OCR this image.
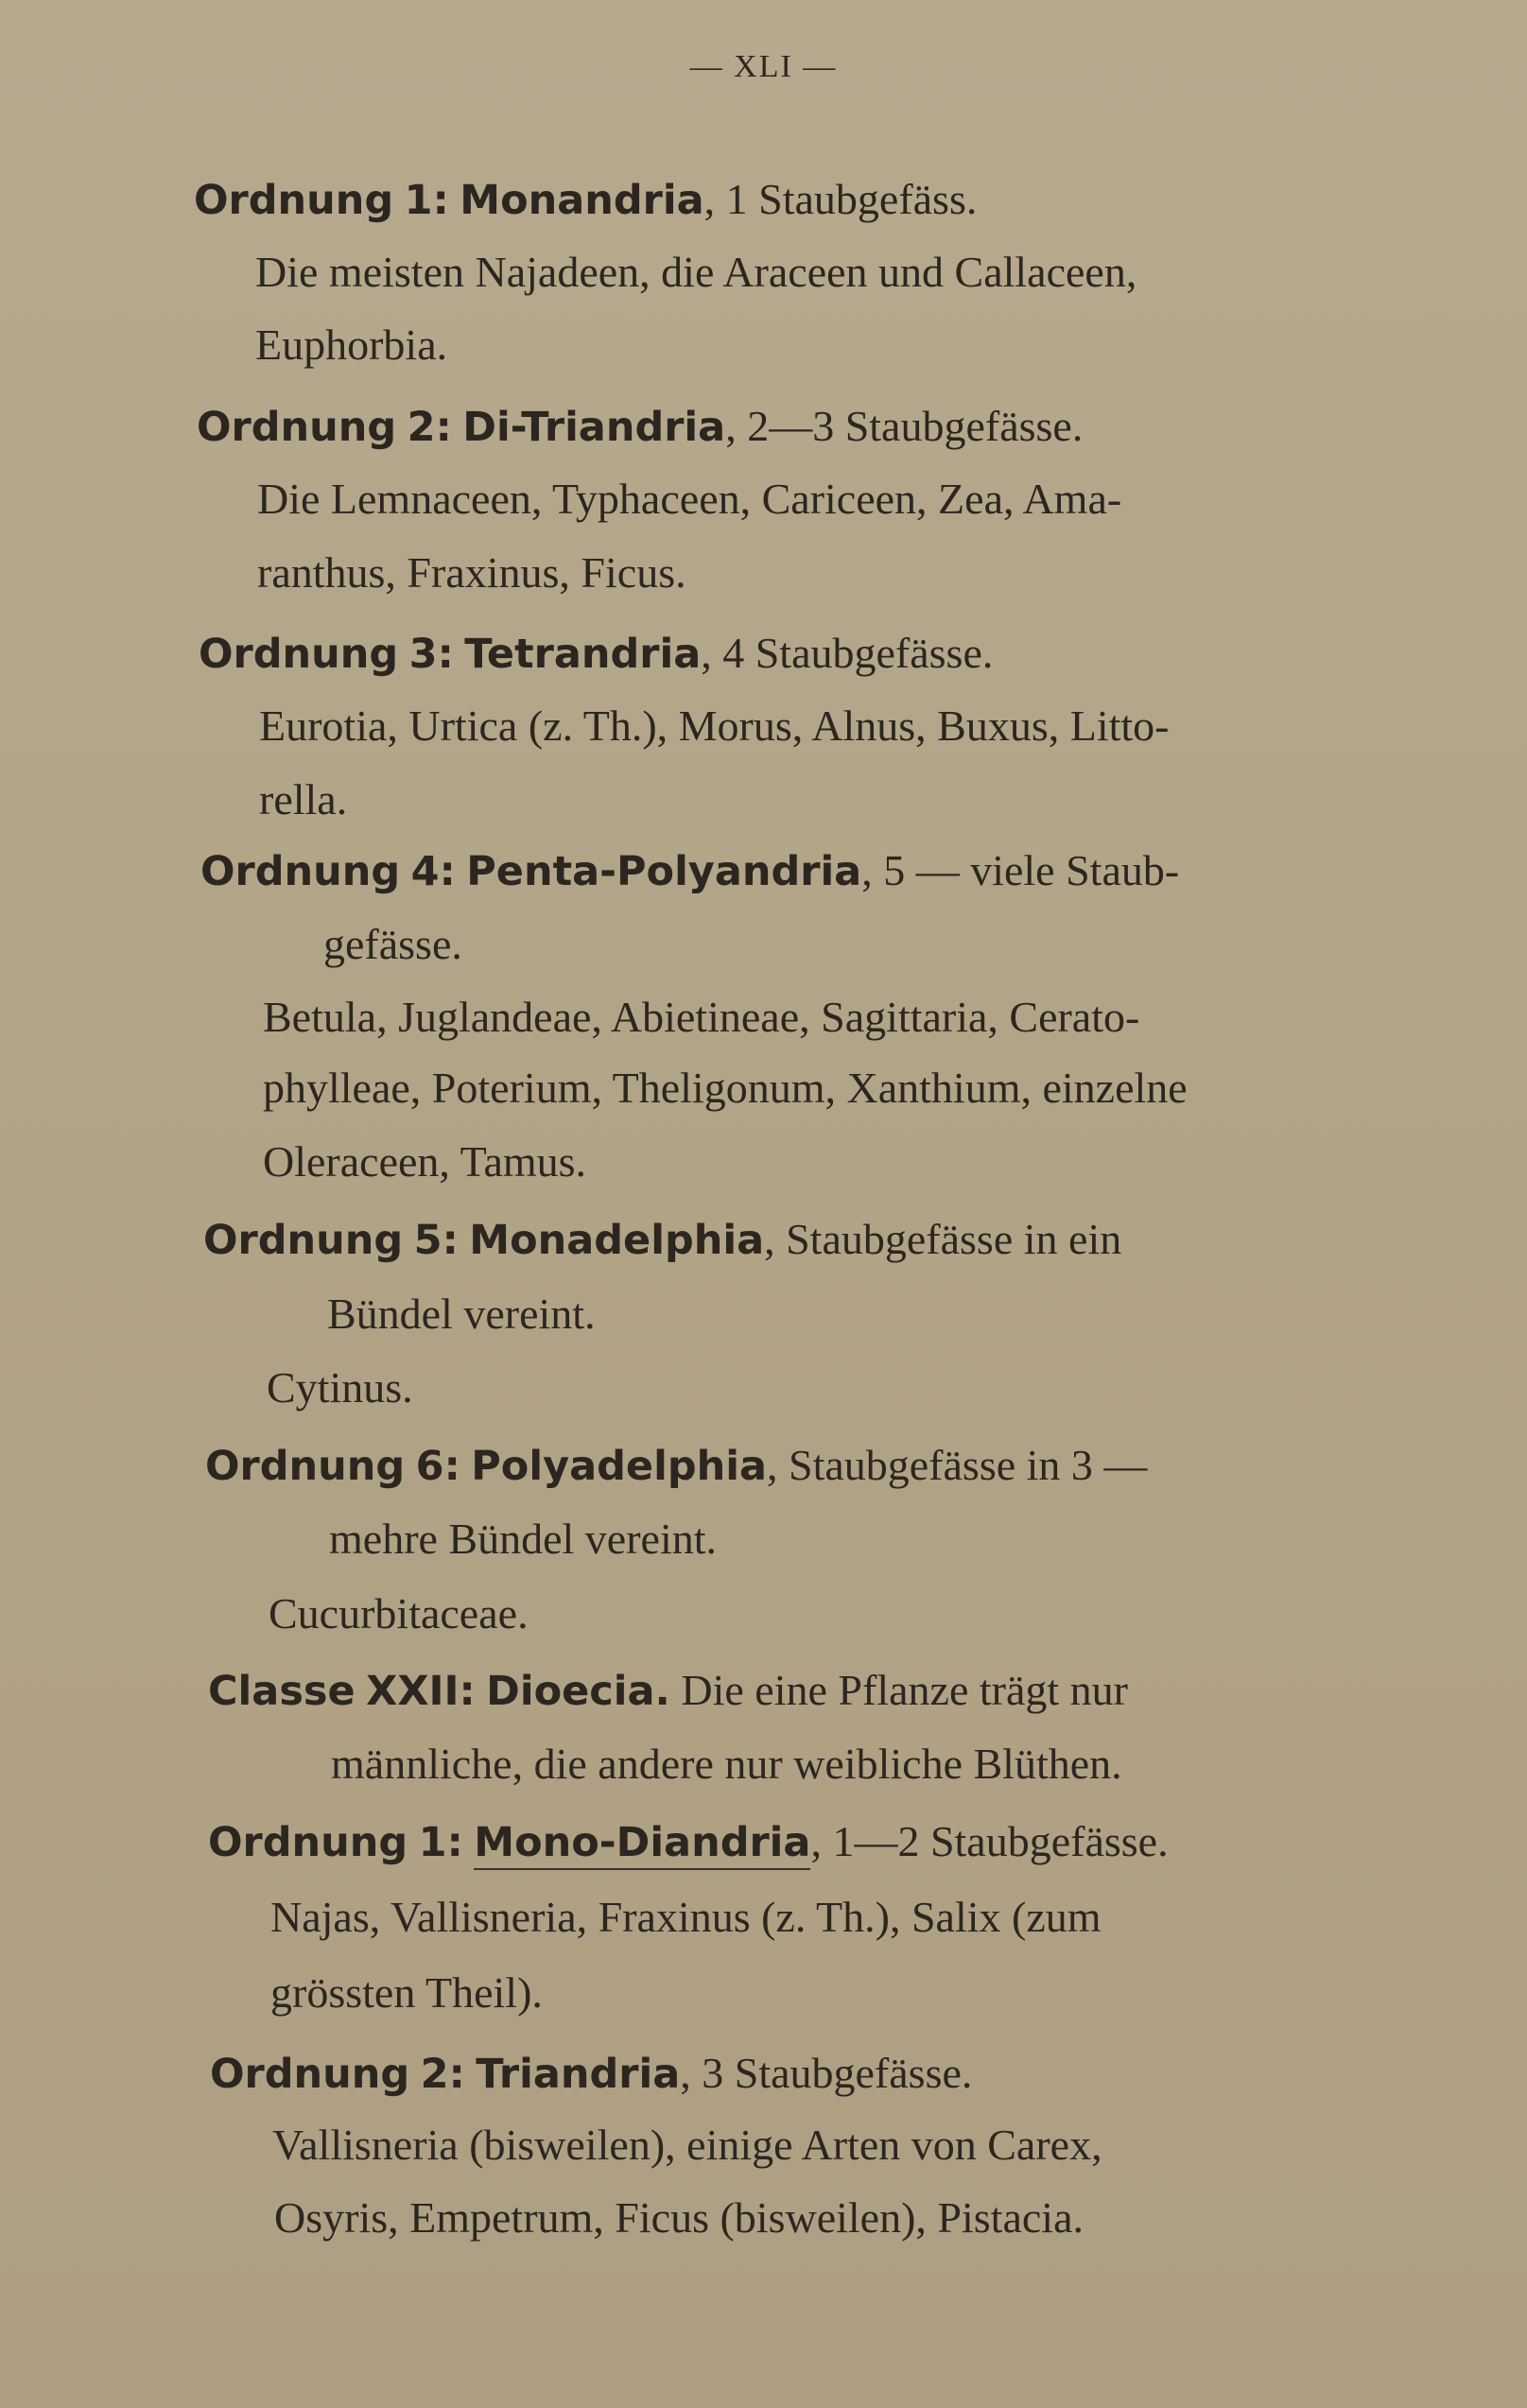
— XLI —
Ordnung 1: Monandria, 1 Staubgefäss.
Die meisten Najadeen, die Araceen und Callaceen,
Euphorbia.
Ordnung 2: Di-Triandria, 2—3 Staubgefässe.
Die Lemnaceen, Typhaceen, Cariceen, Zea, Ama-
ranthus, Fraxinus, Ficus.
Ordnung 3: Tetrandria, 4 Staubgefässe.
Eurotia, Urtica (z. Th.), Morus, Alnus, Buxus, Litto-
rella.
Ordnung 4: Penta-Polyandria, 5 — viele Staub-
gefässe.
Betula, Juglandeae, Abietineae, Sagittaria, Cerato-
phylleae, Poterium, Theligonum, Xanthium, einzelne
Oleraceen, Tamus.
Ordnung 5: Monadelphia, Staubgefässe in ein
Bündel vereint.
Cytinus.
Ordnung 6: Polyadelphia, Staubgefässe in 3 —
mehre Bündel vereint.
Cucurbitaceae.
Classe XXII: Dioecia. Die eine Pflanze trägt nur
männliche, die andere nur weibliche Blüthen.
Ordnung 1: Mono-Diandria, 1—2 Staubgefässe.
Najas, Vallisneria, Fraxinus (z. Th.), Salix (zum
grössten Theil).
Ordnung 2: Triandria, 3 Staubgefässe.
Vallisneria (bisweilen), einige Arten von Carex,
Osyris, Empetrum, Ficus (bisweilen), Pistacia.
